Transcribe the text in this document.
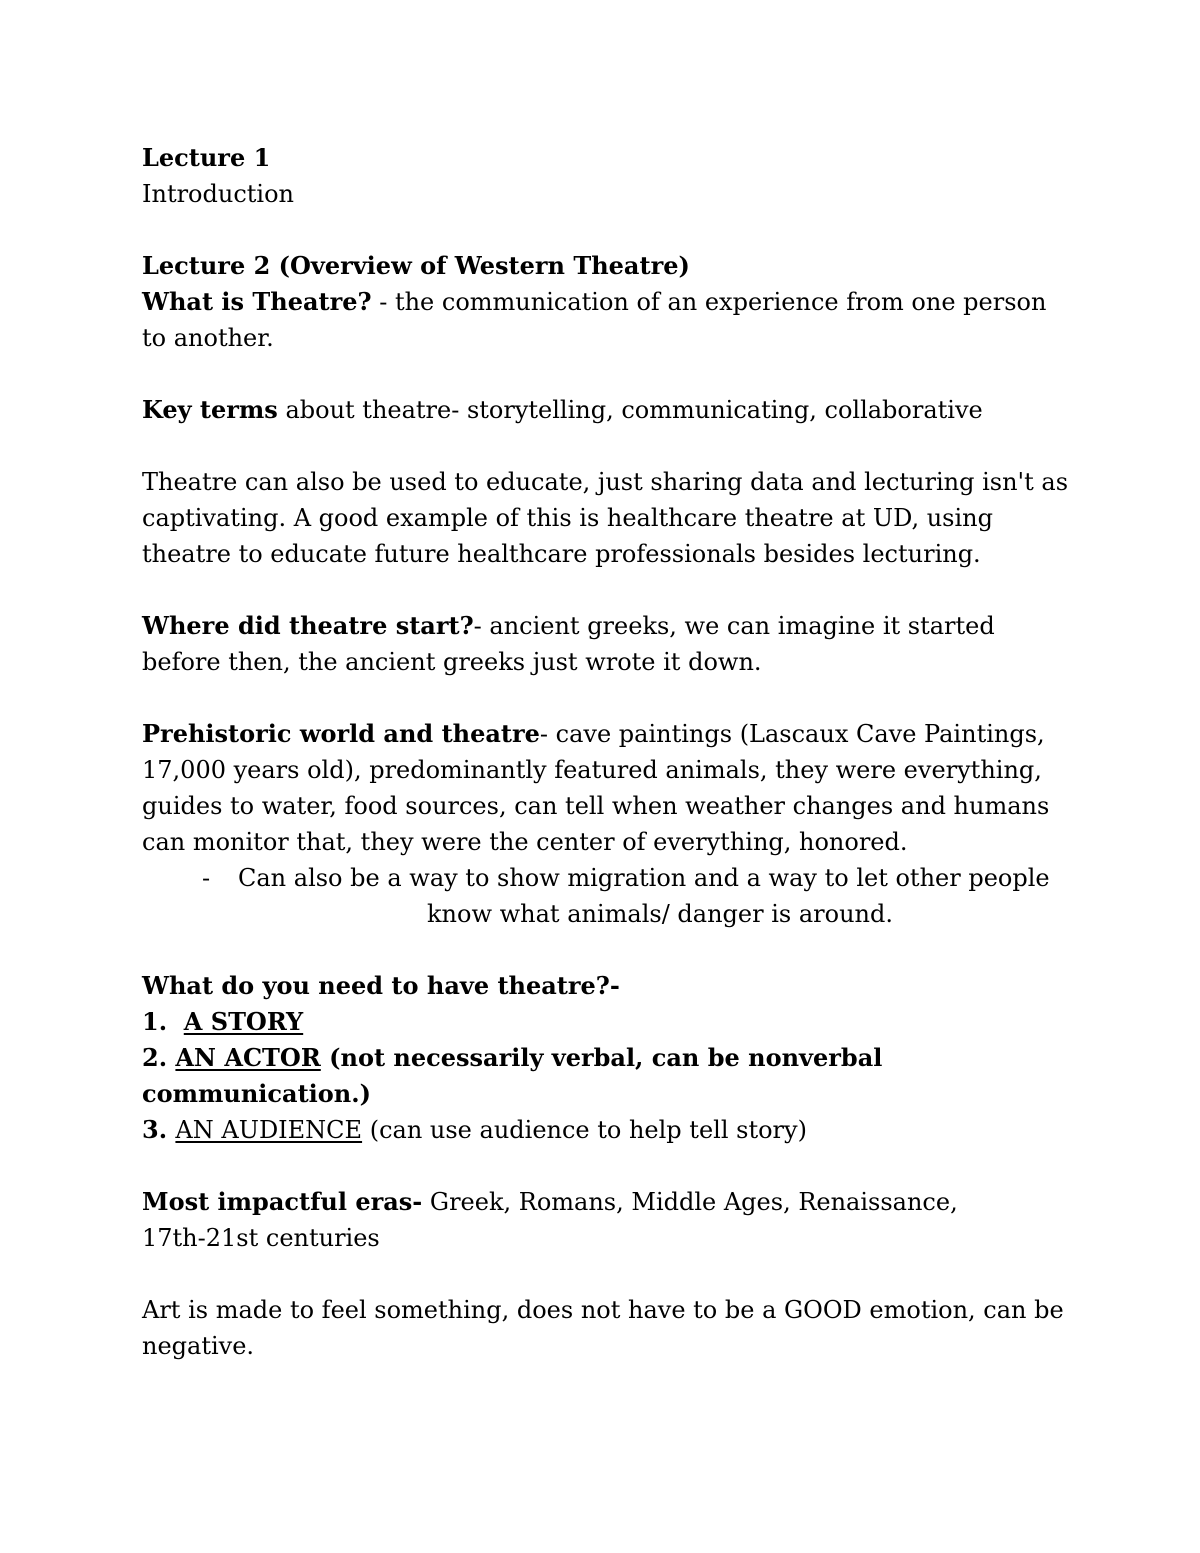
Lecture 1
Introduction
Lecture 2 (Overview of Western Theatre)
What is Theatre? - the communication of an experience from one person
to another.
Key terms about theatre- storytelling, communicating, collaborative
Theatre can also be used to educate, just sharing data and lecturing isn't as
captivating. A good example of this is healthcare theatre at UD, using
theatre to educate future healthcare professionals besides lecturing.
Where did theatre start?- ancient greeks, we can imagine it started
before then, the ancient greeks just wrote it down.
Prehistoric world and theatre- cave paintings (Lascaux Cave Paintings,
17,000 years old), predominantly featured animals, they were everything,
guides to water, food sources, can tell when weather changes and humans
can monitor that, they were the center of everything, honored.
- Can also be a way to show migration and a way to let other people
know what animals/ danger is around.
What do you need to have theatre?-
1.  A STORY
2. AN ACTOR (not necessarily verbal, can be nonverbal
communication.)
3. AN AUDIENCE (can use audience to help tell story)
Most impactful eras- Greek, Romans, Middle Ages, Renaissance,
17th-21st centuries
Art is made to feel something, does not have to be a GOOD emotion, can be
negative.
